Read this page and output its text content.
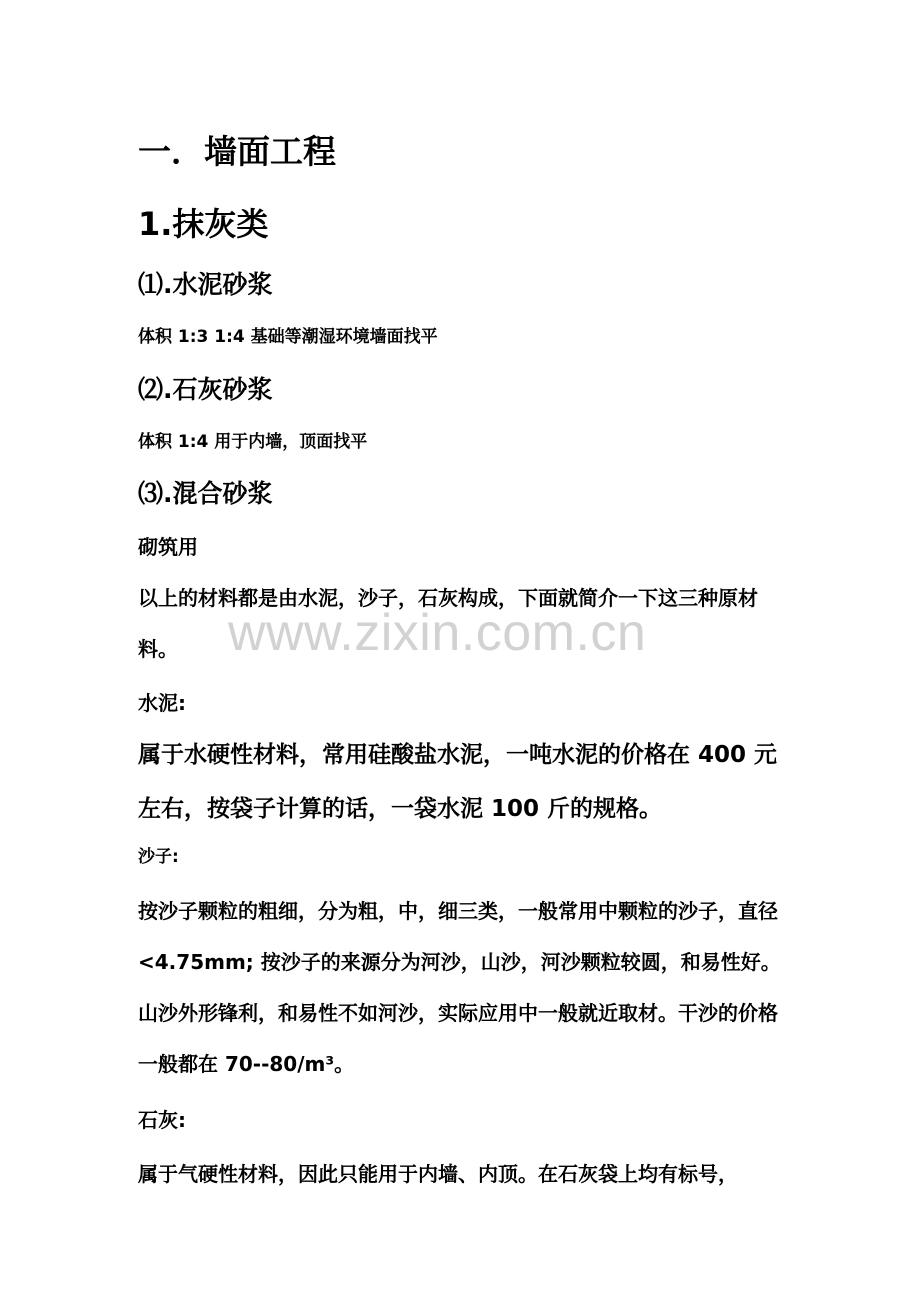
一．墙面工程
1.抹灰类
⑴.水泥砂浆
体积 1:3 1:4 基础等潮湿环境墙面找平
⑵.石灰砂浆
体积 1:4 用于内墙，顶面找平
⑶.混合砂浆
砌筑用

以上的材料都是由水泥，沙子，石灰构成，下面就简介一下这三种原材料。

水泥:

属于水硬性材料，常用硅酸盐水泥，一吨水泥的价格在 400 元左右，按袋子计算的话，一袋水泥 100 斤的规格。

沙子:

按沙子颗粒的粗细，分为粗，中，细三类，一般常用中颗粒的沙子，直径<4.75mm; 按沙子的来源分为河沙，山沙，河沙颗粒较圆，和易性好。山沙外形锋利，和易性不如河沙，实际应用中一般就近取材。干沙的价格一般都在 70--80/m³。

石灰:

属于气硬性材料，因此只能用于内墙、内顶。在石灰袋上均有标号，

www.zixin.com.cn
